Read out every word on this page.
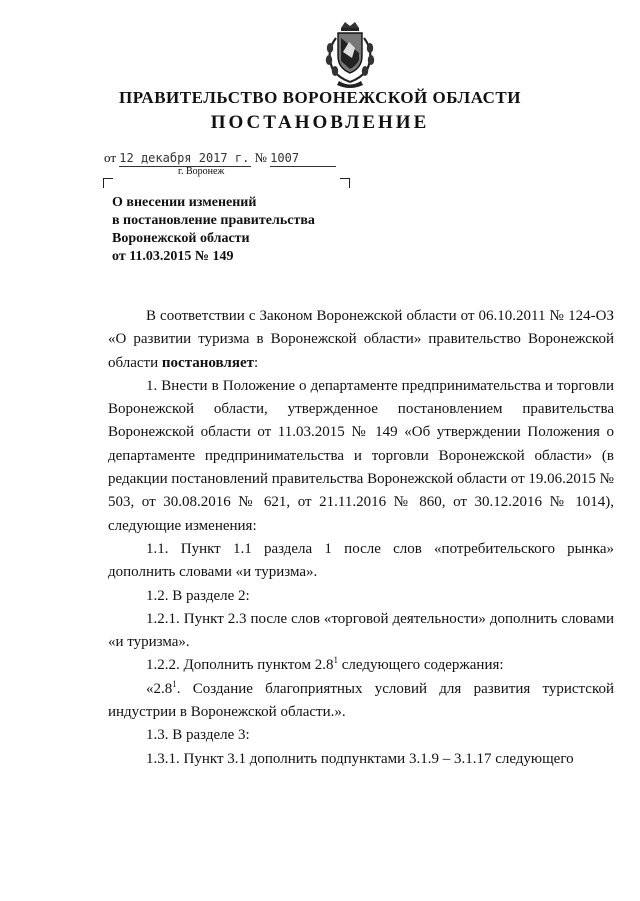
ПРАВИТЕЛЬСТВО ВОРОНЕЖСКОЙ ОБЛАСТИ
ПОСТАНОВЛЕНИЕ
от 12 декабря 2017 г. № 1007
г. Воронеж
О внесении изменений
в постановление правительства
Воронежской области
от 11.03.2015 № 149

В соответствии с Законом Воронежской области от 06.10.2011 № 124-ОЗ «О развитии туризма в Воронежской области» правительство Воронежской области постановляет:

1. Внести в Положение о департаменте предпринимательства и торговли Воронежской области, утвержденное постановлением правительства Воронежской области от 11.03.2015 № 149 «Об утверждении Положения о департаменте предпринимательства и торговли Воронежской области» (в редакции постановлений правительства Воронежской области от 19.06.2015 № 503, от 30.08.2016 № 621, от 21.11.2016 № 860, от 30.12.2016 № 1014), следующие изменения:

1.1. Пункт 1.1 раздела 1 после слов «потребительского рынка» дополнить словами «и туризма».

1.2. В разделе 2:

1.2.1. Пункт 2.3 после слов «торговой деятельности» дополнить словами «и туризма».

1.2.2. Дополнить пунктом $2.8^1$ следующего содержания:

«$2.8^1$. Создание благоприятных условий для развития туристской индустрии в Воронежской области.».

1.3. В разделе 3:

1.3.1. Пункт 3.1 дополнить подпунктами 3.1.9 – 3.1.17 следующего
